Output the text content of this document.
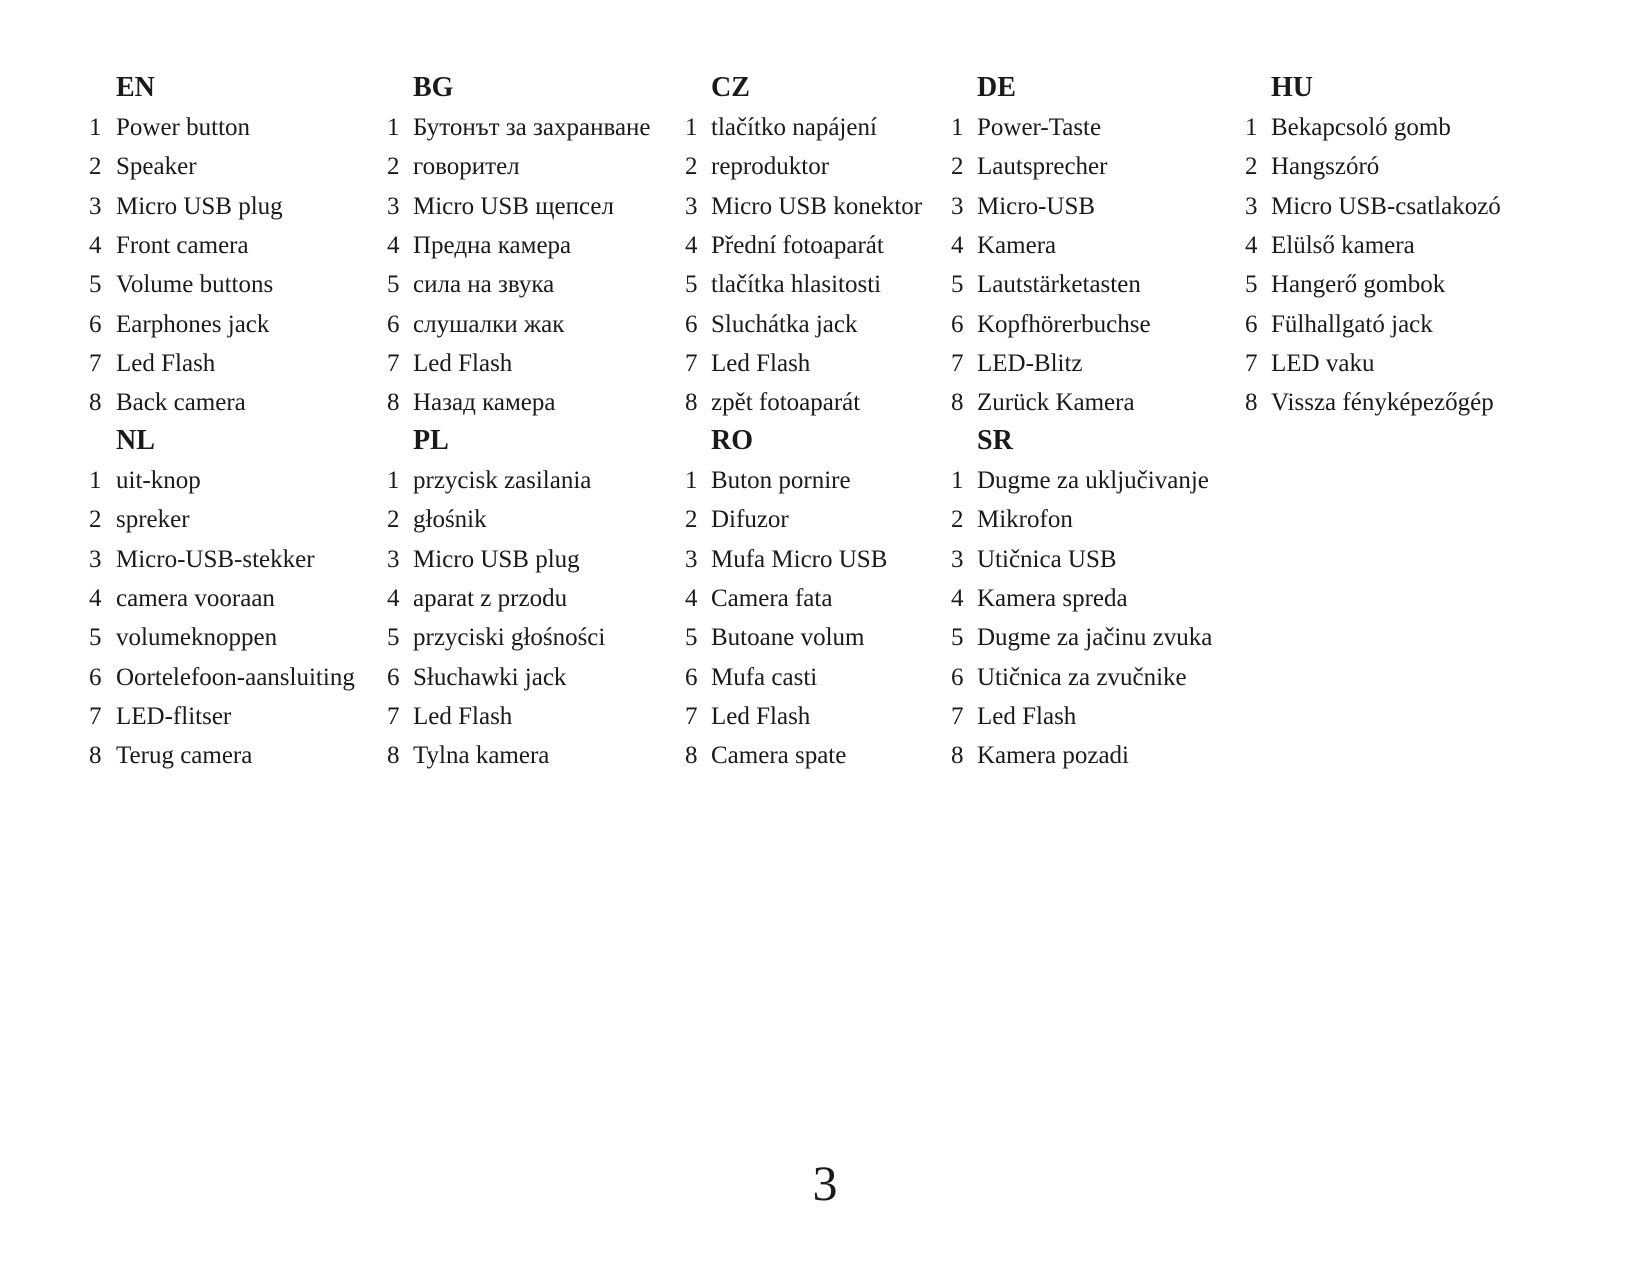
EN
1 Power button
2 Speaker
3 Micro USB plug
4 Front camera
5 Volume buttons
6 Earphones jack
7 Led Flash
8 Back camera
BG
1 Бутонът за захранване
2 говорител
3 Micro USB щепсел
4 Предна камера
5 сила на звука
6 слушалки жак
7 Led Flash
8 Назад камера
CZ
1 tlačítko napájení
2 reproduktor
3 Micro USB konektor
4 Přední fotoaparát
5 tlačítka hlasitosti
6 Sluchátka jack
7 Led Flash
8 zpět fotoaparát
DE
1 Power-Taste
2 Lautsprecher
3 Micro-USB
4 Kamera
5 Lautstärketasten
6 Kopfhörerbuchse
7 LED-Blitz
8 Zurück Kamera
HU
1 Bekapcsoló gomb
2 Hangszóró
3 Micro USB-csatlakozó
4 Elülső kamera
5 Hangerő gombok
6 Fülhallgató jack
7 LED vaku
8 Vissza fényképezőgép
NL
1 uit-knop
2 spreker
3 Micro-USB-stekker
4 camera vooraan
5 volumeknoppen
6 Oortelefoon-aansluiting
7 LED-flitser
8 Terug camera
PL
1 przycisk zasilania
2 głośnik
3 Micro USB plug
4 aparat z przodu
5 przyciski głośności
6 Słuchawki jack
7 Led Flash
8 Tylna kamera
RO
1 Buton pornire
2 Difuzor
3 Mufa Micro USB
4 Camera fata
5 Butoane volum
6 Mufa casti
7 Led Flash
8 Camera spate
SR
1 Dugme za uključivanje
2 Mikrofon
3 Utičnica USB
4 Kamera spreda
5 Dugme za jačinu zvuka
6 Utičnica za zvučnike
7 Led Flash
8 Kamera pozadi
3
